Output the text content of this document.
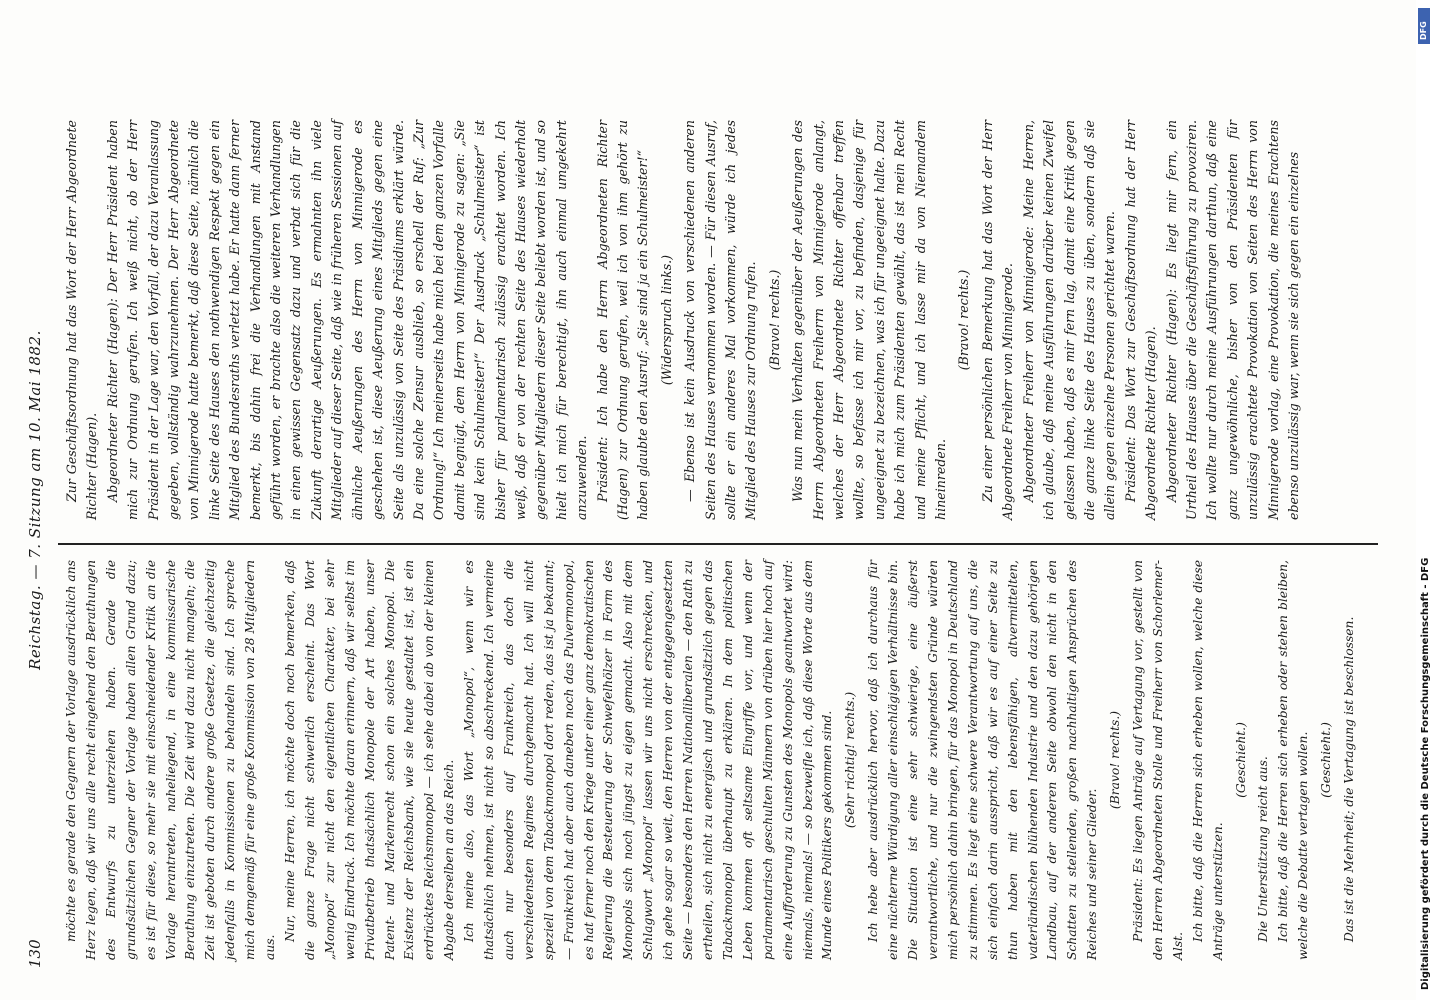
130
Reichstag. — 7. Sitzung am 10. Mai 1882.

möchte es gerade den Gegnern der Vorlage ausdrücklich ans Herz legen, daß wir uns alle recht eingehend den Berathungen des Entwurfs zu unterziehen haben. Gerade die grundsätzlichen Gegner der Vorlage haben allen Grund dazu; es ist für diese, so mehr sie mit einschneidender Kritik an die Vorlage herantreten, naheliegend, in eine kommissarische Berathung einzutreten. Die Zeit wird dazu nicht mangeln; die Zeit ist geboten durch andere große Gesetze, die gleichzeitig jedenfalls in Kommissionen zu behandeln sind. Ich spreche mich demgemäß für eine große Kommission von 28 Mitgliedern aus.

Nur, meine Herren, ich möchte doch noch bemerken, daß die ganze Frage nicht schwerlich erscheint. Das Wort „Monopol“ zur nicht den eigentlichen Charakter, bei sehr wenig Eindruck. Ich möchte daran erinnern, daß wir selbst im Privatbetrieb thatsächlich Monopole der Art haben, unser Patent- und Markenrecht schon ein solches Monopol. Die Existenz der Reichsbank, wie sie heute gestaltet ist, ist ein erdrücktes Reichsmonopol — ich sehe dabei ab von der kleinen Abgabe derselben an das Reich. Ich meine also, das Wort „Monopol“, wenn wir es thatsächlich nehmen, ist nicht so abschreckend. Ich vermeine auch nur besonders auf Frankreich, das doch die verschiedensten Regimes durchgemacht hat. Ich will nicht speziell von dem Tabackmonopol dort reden, das ist ja bekannt; — Frankreich hat aber auch daneben noch das Pulvermonopol, es hat ferner noch den Kriege unter einer ganz demokratischen Regierung die Besteuerung der Schwefelhölzer in Form des Monopols sich noch jüngst zu eigen gemacht. Also mit dem Schlagwort „Monopol“ lassen wir uns nicht erschrecken, und ich gehe sogar so weit, den Herren von der entgegengesetzten Seite — besonders den Herren Nationalliberalen — den Rath zu ertheilen, sich nicht zu energisch und grundsätzlich gegen das Tabackmonopol überhaupt zu erklären. In dem politischen Leben kommen oft seltsame Eingriffe vor, und wenn der parlamentarisch geschulten Männern von drüben hier hoch auf eine Aufforderung zu Gunsten des Monopols geantwortet wird: niemals, niemals! — so bezweifle ich, daß diese Worte aus dem Munde eines Politikers gekommen sind. (Sehr richtig! rechts.) Ich hebe aber ausdrücklich hervor, daß ich durchaus für eine nüchterne Würdigung aller einschlägigen Verhältnisse bin. Die Situation ist eine sehr schwierige, eine äußerst verantwortliche, und nur die zwingendsten Gründe würden mich persönlich dahin bringen, für das Monopol in Deutschland zu stimmen. Es liegt eine schwere Verantwortung auf uns, die sich einfach darin ausspricht, daß wir es auf einer Seite zu thun haben mit den lebensfähigen, altvermittelten, vaterländischen blühenden Industrie und den dazu gehörigen Landbau, auf der anderen Seite obwohl den nicht in den Schatten zu stellenden, großen nachhaltigen Ansprüchen des Reiches und seiner Glieder.

(Bravo! rechts.) Präsident: Es liegen Anträge auf Vertagung vor, gestellt von den Herren Abgeordneten Stolle und Freiherr von Schorlemer-Alst.

Ich bitte, daß die Herren sich erheben wollen, welche diese Anträge unterstützen.

(Geschieht.) Die Unterstützung reicht aus. Ich bitte, daß die Herren sich erheben oder stehen bleiben, welche die Debatte vertagen wollen. (Geschieht.) Das ist die Mehrheit; die Vertagung ist beschlossen.

Zur Geschäftsordnung hat das Wort der Herr Abgeordnete Richter (Hagen). Abgeordneter Richter (Hagen): Der Herr Präsident haben mich zur Ordnung gerufen. Ich weiß nicht, ob der Herr Präsident in der Lage war, den Vorfall, der dazu Veranlassung gegeben, vollständig wahrzunehmen. Der Herr Abgeordnete von Minnigerode hatte bemerkt, daß diese Seite, nämlich die linke Seite des Hauses den nothwendigen Respekt gegen ein Mitglied des Bundesraths verletzt habe. Er hatte dann ferner bemerkt, bis dahin frei die Verhandlungen mit Anstand geführt worden, er brachte also die weiteren Verhandlungen in einen gewissen Gegensatz dazu und verbat sich für die Zukunft derartige Aeußerungen. Es ermahnten ihn viele Mitglieder auf dieser Seite, daß wie in früheren Sessionen auf ähnliche Aeußerungen des Herrn von Minnigerode es geschehen ist, diese Aeußerung eines Mitglieds gegen eine Seite als unzulässig von Seite des Präsidiums erklärt würde. Da eine solche Zensur ausblieb, so erschell der Ruf: „Zur Ordnung!“ Ich meinerseits habe mich bei dem ganzen Vorfalle damit begnügt, dem Herrn von Minnigerode zu sagen: „Sie sind kein Schulmeister!“ Der Ausdruck „Schulmeister“ ist bisher für parlamentarisch zulässig erachtet worden. Ich weiß, daß er von der rechten Seite des Hauses wiederholt gegenüber Mitgliedern dieser Seite beliebt worden ist, und so hielt ich mich für berechtigt, ihn auch einmal umgekehrt anzuwenden. Präsident: Ich habe den Herrn Abgeordneten Richter (Hagen) zur Ordnung gerufen, weil ich von ihm gehört zu haben glaubte den Ausruf: „Sie sind ja ein Schulmeister!“ (Widerspruch links.) — Ebenso ist kein Ausdruck von verschiedenen anderen Seiten des Hauses vernommen worden. — Für diesen Ausruf, sollte er ein anderes Mal vorkommen, würde ich jedes Mitglied des Hauses zur Ordnung rufen. (Bravo! rechts.) Was nun mein Verhalten gegenüber der Aeußerungen des Herrn Abgeordneten Freiherrn von Minnigerode anlangt, welches der Herr Abgeordnete Richter offenbar treffen wollte, so befasse ich mir vor, zu befinden, dasjenige für ungeeignet zu bezeichnen, was ich für ungeeignet halte. Dazu habe ich mich zum Präsidenten gewählt, das ist mein Recht und meine Pflicht, und ich lasse mir da von Niemandem hineinreden.

(Bravo! rechts.) Zu einer persönlichen Bemerkung hat das Wort der Herr Abgeordnete Freiherr von Minnigerode. Abgeordneter Freiherr von Minnigerode: Meine Herren, ich glaube, daß meine Ausführungen darüber keinen Zweifel gelassen haben, daß es mir fern lag, damit eine Kritik gegen die ganze linke Seite des Hauses zu üben, sondern daß sie allein gegen einzelne Personen gerichtet waren. Präsident: Das Wort zur Geschäftsordnung hat der Herr Abgeordnete Richter (Hagen). Abgeordneter Richter (Hagen): Es liegt mir fern, ein Urtheil des Hauses über die Geschäftsführung zu provoziren. Ich wollte nur durch meine Ausführungen darthun, daß eine ganz ungewöhnliche, bisher von den Präsidenten für unzulässig erachtete Provokation von Seiten des Herrn von Minnigerode vorlag, eine Provokation, die meines Erachtens ebenso unzulässig war, wenn sie sich gegen ein einzelnes

DFG
Digitalisierung gefördert durch die Deutsche Forschungsgemeinschaft - DFG
